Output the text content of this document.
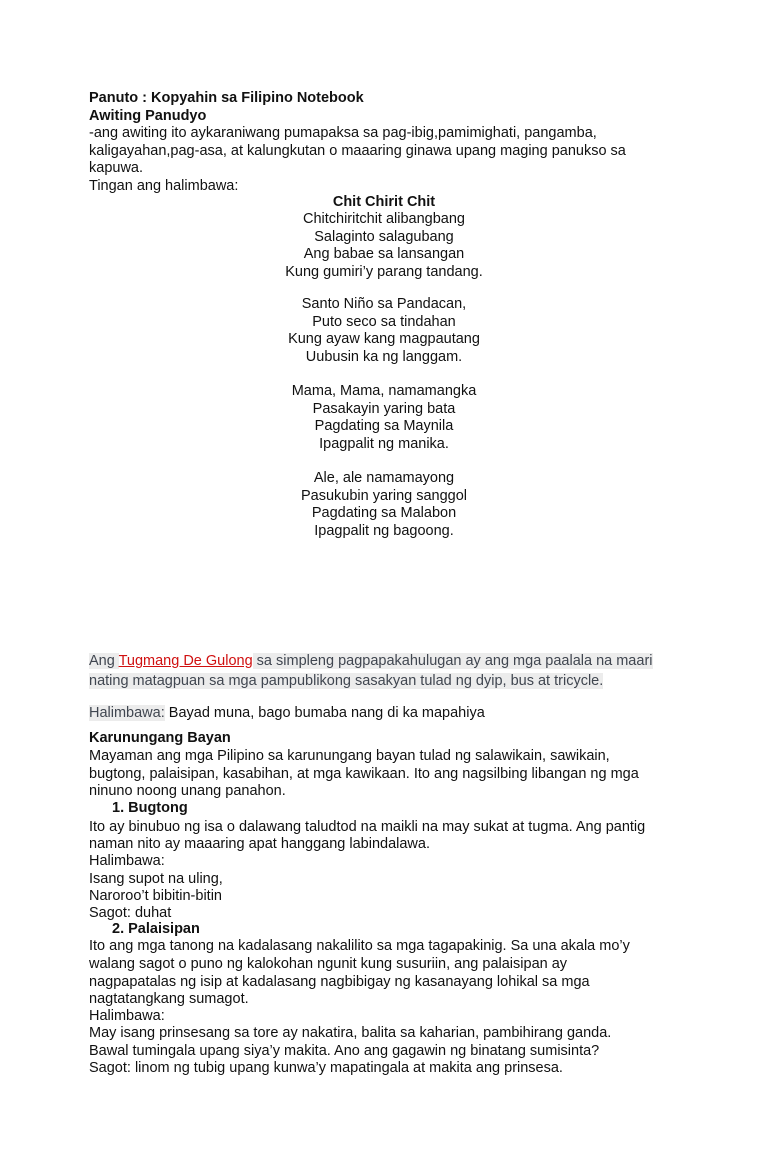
Panuto : Kopyahin sa Filipino Notebook
Awiting Panudyo
-ang awiting ito aykaraniwang pumapaksa sa pag-ibig,pamimighati, pangamba,
kaligayahan,pag-asa, at kalungkutan o maaaring ginawa upang maging panukso sa
kapuwa.
Tingan ang halimbawa:
Chit Chirit Chit
Chitchiritchit alibangbang
Salaginto salagubang
Ang babae sa lansangan
Kung gumiri’y parang tandang.
Santo Niño sa Pandacan,
Puto seco sa tindahan
Kung ayaw kang magpautang
Uubusin ka ng langgam.
Mama, Mama, namamangka
Pasakayin yaring bata
Pagdating sa Maynila
Ipagpalit ng manika.
Ale, ale namamayong
Pasukubin yaring sanggol
Pagdating sa Malabon
Ipagpalit ng bagoong.
Ang Tugmang De Gulong sa simpleng pagpapakahulugan ay ang mga paalala na maari
nating matagpuan sa mga pampublikong sasakyan tulad ng dyip, bus at tricycle.
Halimbawa: Bayad muna, bago bumaba nang di ka mapahiya
Karunungang Bayan
Mayaman ang mga Pilipino sa karunungang bayan tulad ng salawikain, sawikain,
bugtong, palaisipan, kasabihan, at mga kawikaan. Ito ang nagsilbing libangan ng mga
ninuno noong unang panahon.
1. Bugtong
Ito ay binubuo ng isa o dalawang taludtod na maikli na may sukat at tugma. Ang pantig
naman nito ay maaaring apat hanggang labindalawa.
Halimbawa:
Isang supot na uling,
Naroroo’t bibitin-bitin
Sagot: duhat
2. Palaisipan
Ito ang mga tanong na kadalasang nakalilito sa mga tagapakinig. Sa una akala mo’y
walang sagot o puno ng kalokohan ngunit kung susuriin, ang palaisipan ay
nagpapatalas ng isip at kadalasang nagbibigay ng kasanayang lohikal sa mga
nagtatangkang sumagot.
Halimbawa:
May isang prinsesang sa tore ay nakatira, balita sa kaharian, pambihirang ganda.
Bawal tumingala upang siya’y makita. Ano ang gagawin ng binatang sumisinta?
Sagot: linom ng tubig upang kunwa’y mapatingala at makita ang prinsesa.
